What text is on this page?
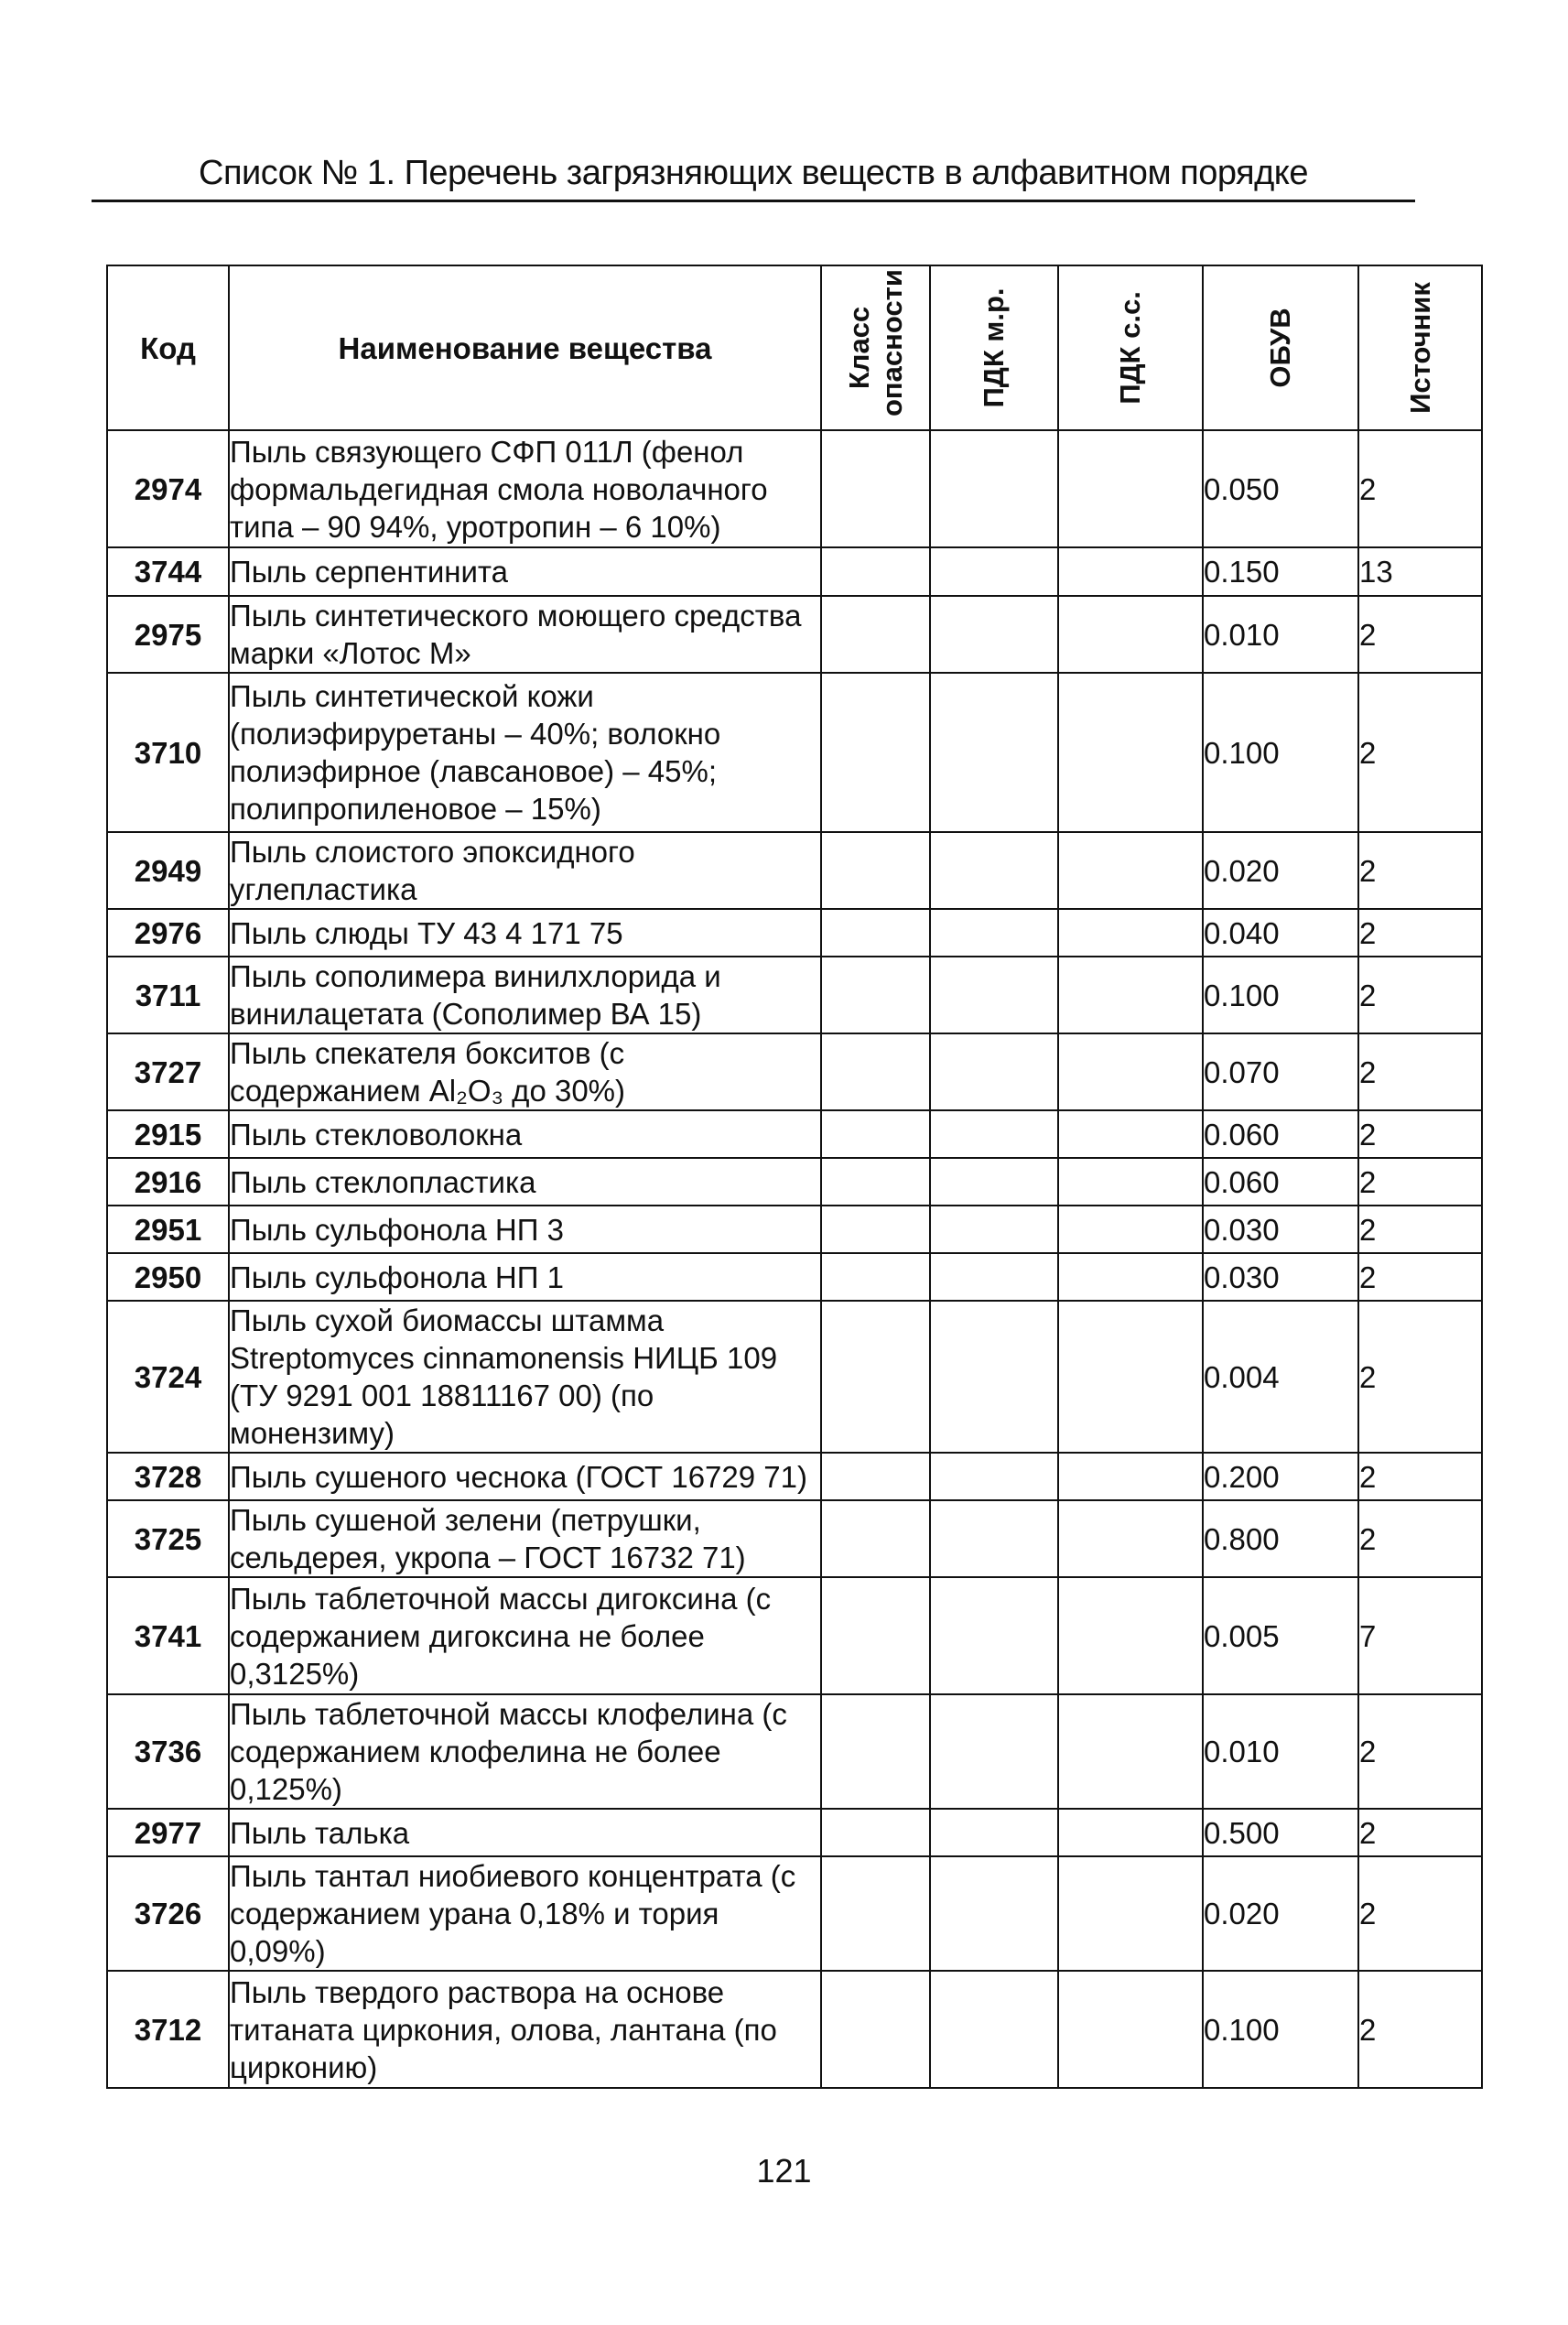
Список № 1. Перечень загрязняющих веществ в алфавитном порядке
Код	Наименование вещества	Класс опасности	ПДК м.р.	ПДК с.с.	ОБУВ	Источник

2974	Пыль связующего СФП 011Л (фенол формальдегидная смола новолачного типа – 90 94%, уротропин – 6 10%)				0.050	2
3744	Пыль серпентинита				0.150	13
2975	Пыль синтетического моющего средства марки «Лотос М»				0.010	2
3710	Пыль синтетической кожи (полиэфируретаны – 40%; волокно полиэфирное (лавсановое) – 45%; полипропиленовое – 15%)				0.100	2
2949	Пыль слоистого эпоксидного углепластика				0.020	2
2976	Пыль слюды ТУ 43 4 171 75				0.040	2
3711	Пыль сополимера винилхлорида и винилацетата (Сополимер ВА 15)				0.100	2
3727	Пыль спекателя бокситов (с содержанием Al₂O₃ до 30%)				0.070	2
2915	Пыль стекловолокна				0.060	2
2916	Пыль стеклопластика				0.060	2
2951	Пыль сульфонола НП 3				0.030	2
2950	Пыль сульфонола НП 1				0.030	2
3724	Пыль сухой биомассы штамма Streptomyces cinnamonensis НИЦБ 109 (ТУ 9291 001 18811167 00) (по монензиму)				0.004	2
3728	Пыль сушеного чеснока (ГОСТ 16729 71)				0.200	2
3725	Пыль сушеной зелени (петрушки, сельдерея, укропа – ГОСТ 16732 71)				0.800	2
3741	Пыль таблеточной массы дигоксина (с содержанием дигоксина не более 0,3125%)				0.005	7
3736	Пыль таблеточной массы клофелина (с содержанием клофелина не более 0,125%)				0.010	2
2977	Пыль талька				0.500	2
3726	Пыль тантал ниобиевого концентрата (с содержанием урана 0,18% и тория 0,09%)				0.020	2
3712	Пыль твердого раствора на основе титаната циркония, олова, лантана (по цирконию)				0.100	2
121
